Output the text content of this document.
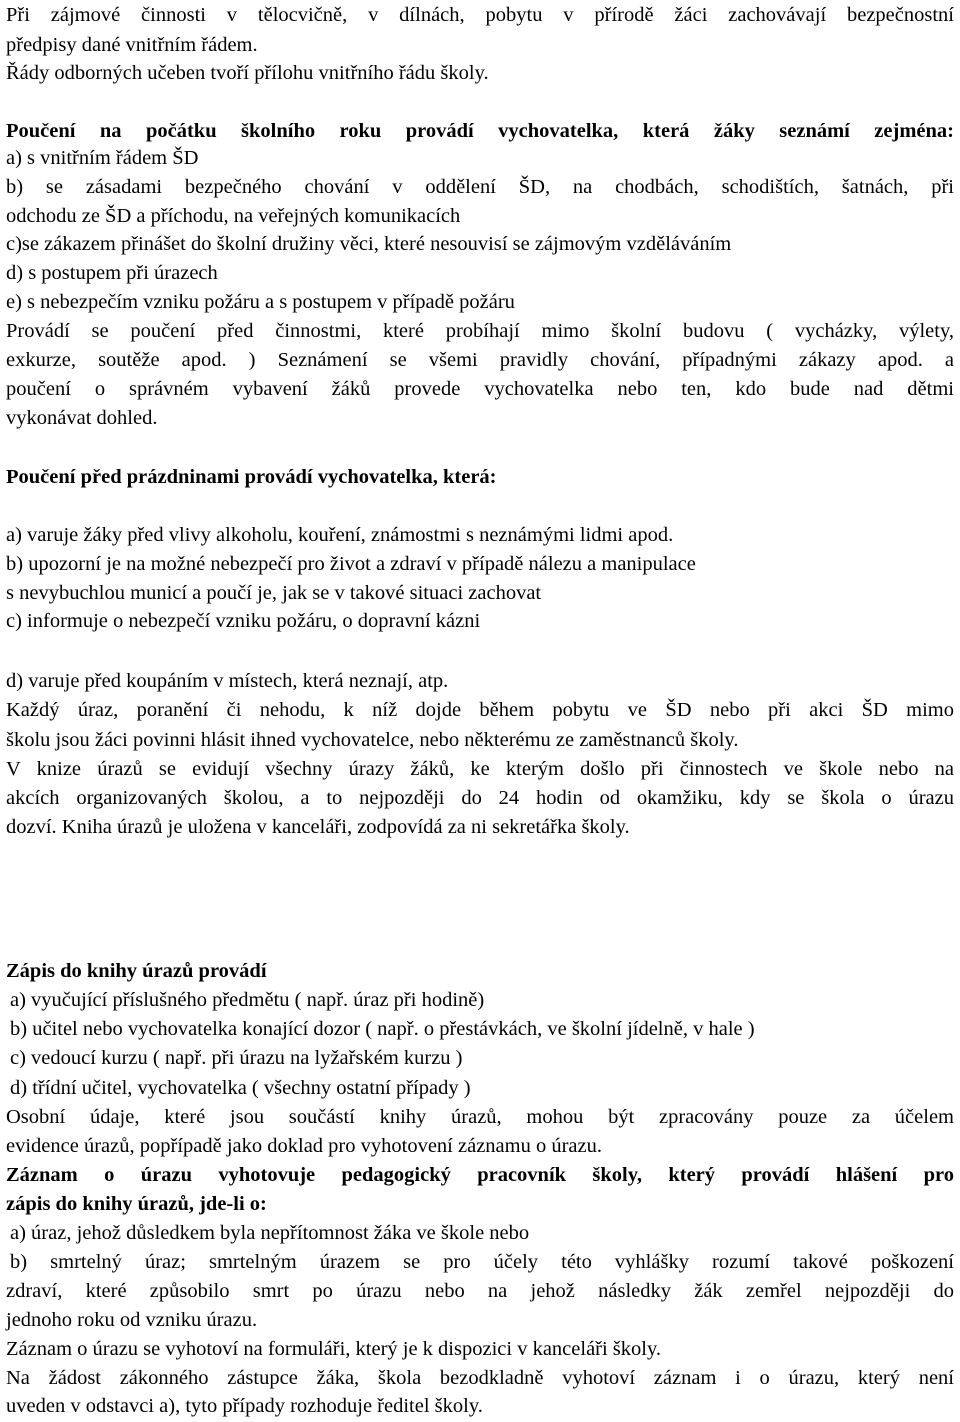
Při zájmové činnosti v tělocvičně, v dílnách, pobytu v přírodě žáci zachovávají bezpečnostní
předpisy dané vnitřním řádem.
Řády odborných učeben tvoří přílohu vnitřního řádu školy.
Poučení na počátku školního roku provádí vychovatelka, která žáky seznámí zejména:
a) s vnitřním řádem ŠD
b) se zásadami bezpečného chování v oddělení ŠD, na chodbách, schodištích, šatnách, při
odchodu ze ŠD a příchodu, na veřejných komunikacích
c)se zákazem přinášet do školní družiny věci, které nesouvisí se zájmovým vzděláváním
d) s postupem při úrazech
e) s nebezpečím vzniku požáru a s postupem v případě požáru
Provádí se poučení před činnostmi, které probíhají mimo školní budovu ( vycházky, výlety,
exkurze, soutěže apod. ) Seznámení se všemi pravidly chování, případnými zákazy apod. a
poučení o správném vybavení žáků provede vychovatelka nebo ten, kdo bude nad dětmi
vykonávat dohled.
Poučení před prázdninami provádí vychovatelka, která:
a) varuje žáky před vlivy alkoholu, kouření, známostmi s neznámými lidmi apod.
b) upozorní je na možné nebezpečí pro život a zdraví v případě nálezu a manipulace
s nevybuchlou municí a poučí je, jak se v takové situaci zachovat
c) informuje o nebezpečí vzniku požáru, o dopravní kázni
d) varuje před koupáním v místech, která neznají, atp.
Každý úraz, poranění či nehodu, k níž dojde během pobytu ve ŠD nebo při akci ŠD mimo
školu jsou žáci povinni hlásit ihned vychovatelce, nebo některému ze zaměstnanců školy.
V knize úrazů se evidují všechny úrazy žáků, ke kterým došlo při činnostech ve škole nebo na
akcích organizovaných školou, a to nejpozději do 24 hodin od okamžiku, kdy se škola o úrazu
dozví. Kniha úrazů je uložena v kanceláři, zodpovídá za ni sekretářka školy.
Zápis do knihy úrazů provádí
a) vyučující příslušného předmětu ( např. úraz při hodině)
b) učitel nebo vychovatelka konající dozor ( např. o přestávkách, ve školní jídelně, v hale )
c) vedoucí kurzu ( např. při úrazu na lyžařském kurzu )
d) třídní učitel, vychovatelka ( všechny ostatní případy )
Osobní údaje, které jsou součástí knihy úrazů, mohou být zpracovány pouze za účelem
evidence úrazů, popřípadě jako doklad pro vyhotovení záznamu o úrazu.
Záznam o úrazu vyhotovuje pedagogický pracovník školy, který provádí hlášení pro
zápis do knihy úrazů, jde-li o:
a) úraz, jehož důsledkem byla nepřítomnost žáka ve škole nebo
b) smrtelný úraz; smrtelným úrazem se pro účely této vyhlášky rozumí takové poškození
zdraví, které způsobilo smrt po úrazu nebo na jehož následky žák zemřel nejpozději do
jednoho roku od vzniku úrazu.
Záznam o úrazu se vyhotoví na formuláři, který je k dispozici v kanceláři školy.
Na žádost zákonného zástupce žáka, škola bezodkladně vyhotoví záznam i o úrazu, který není
uveden v odstavci a), tyto případy rozhoduje ředitel školy.
